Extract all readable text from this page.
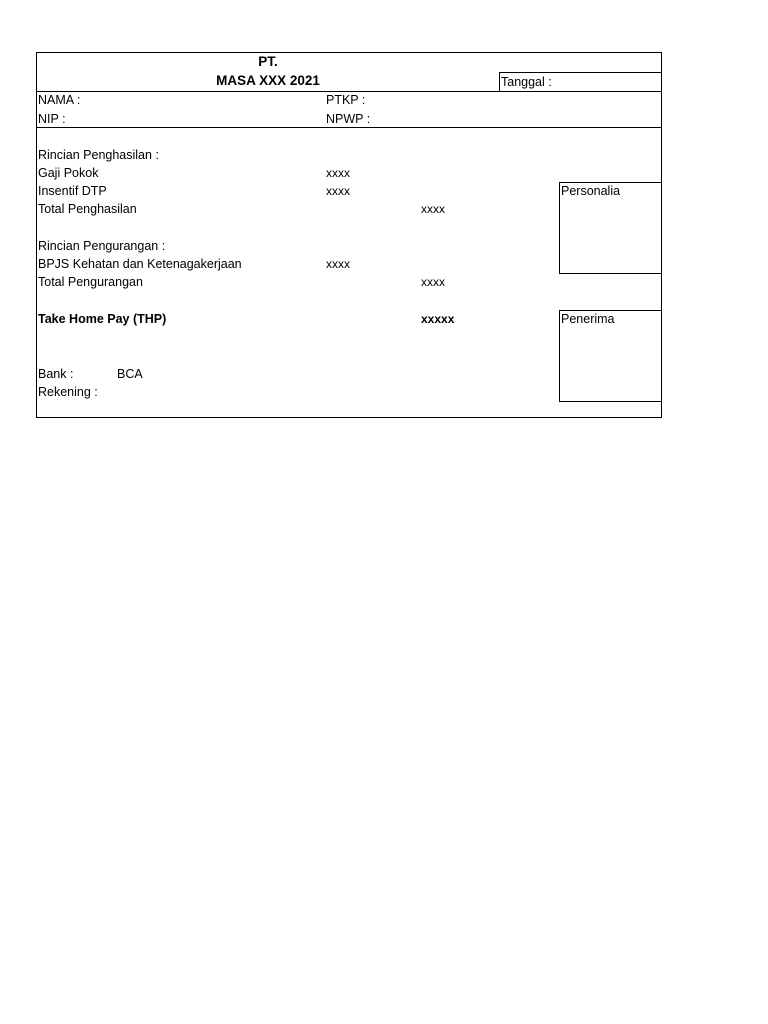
PT.
MASA XXX 2021	Tanggal :
NAMA :	PTKP :
NIP :	NPWP :
Rincian Penghasilan :
Gaji Pokok	xxxx
Insentif DTP	xxxx
Total Penghasilan	xxxx
Rincian Pengurangan :
BPJS Kehatan dan Ketenagakerjaan	xxxx
Total Pengurangan	xxxx
Take Home Pay (THP)	xxxxx
Bank :	BCA
Rekening :
Personalia
Penerima
